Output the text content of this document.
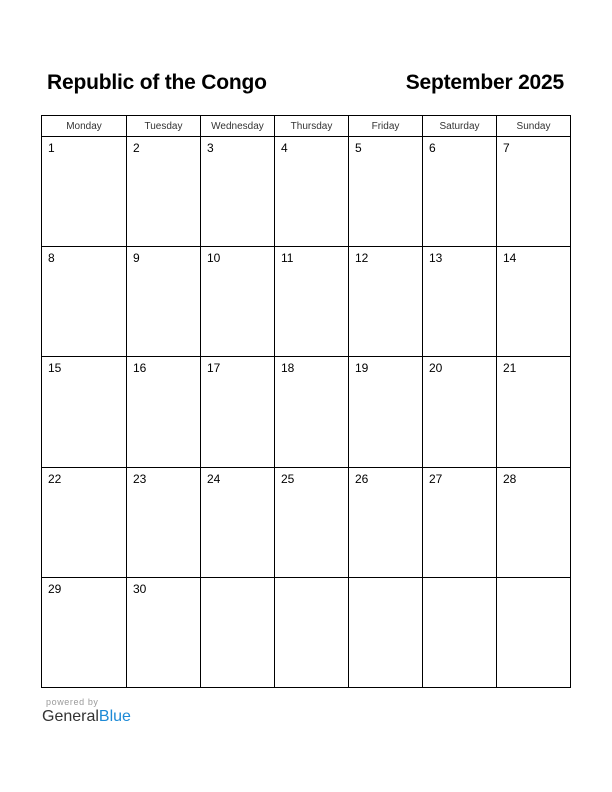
Republic of the Congo	September 2025
Monday	Tuesday	Wednesday	Thursday	Friday	Saturday	Sunday

1	2	3	4	5	6	7

8	9	10	11	12	13	14

15	16	17	18	19	20	21

22	23	24	25	26	27	28

29	30					

powered by
GeneralBlue
